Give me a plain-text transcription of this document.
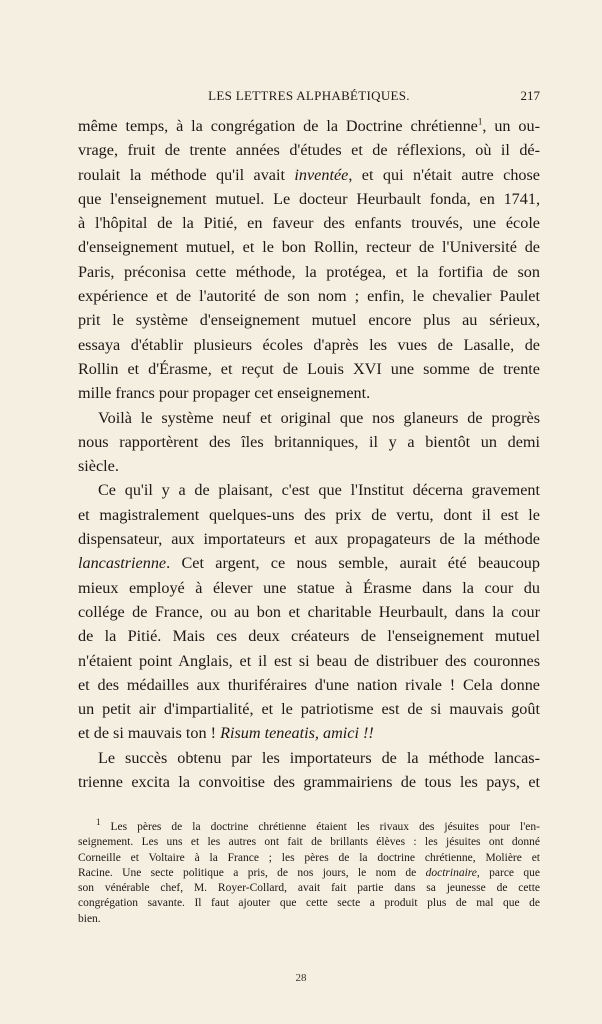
LES LETTRES ALPHABÉTIQUES.	217
même temps, à la congrégation de la Doctrine chrétienne$^1$, un ou-
vrage, fruit de trente années d'études et de réflexions, où il dé-
roulait la méthode qu'il avait inventée, et qui n'était autre chose
que l'enseignement mutuel. Le docteur Heurbault fonda, en 1741,
à l'hôpital de la Pitié, en faveur des enfants trouvés, une école
d'enseignement mutuel, et le bon Rollin, recteur de l'Université de
Paris, préconisa cette méthode, la protégea, et la fortifia de son
expérience et de l'autorité de son nom ; enfin, le chevalier Paulet
prit le système d'enseignement mutuel encore plus au sérieux,
essaya d'établir plusieurs écoles d'après les vues de Lasalle, de
Rollin et d'Érasme, et reçut de Louis XVI une somme de trente
mille francs pour propager cet enseignement.
Voilà le système neuf et original que nos glaneurs de progrès
nous rapportèrent des îles britanniques, il y a bientôt un demi
siècle.
Ce qu'il y a de plaisant, c'est que l'Institut décerna gravement
et magistralement quelques-uns des prix de vertu, dont il est le
dispensateur, aux importateurs et aux propagateurs de la méthode
lancastrienne. Cet argent, ce nous semble, aurait été beaucoup
mieux employé à élever une statue à Érasme dans la cour du
collége de France, ou au bon et charitable Heurbault, dans la cour
de la Pitié. Mais ces deux créateurs de l'enseignement mutuel
n'étaient point Anglais, et il est si beau de distribuer des couronnes
et des médailles aux thuriféraires d'une nation rivale ! Cela donne
un petit air d'impartialité, et le patriotisme est de si mauvais goût
et de si mauvais ton ! Risum teneatis, amici !!
Le succès obtenu par les importateurs de la méthode lancas-
trienne excita la convoitise des grammairiens de tous les pays, et
$^1$ Les pères de la doctrine chrétienne étaient les rivaux des jésuites pour l'en-
seignement. Les uns et les autres ont fait de brillants élèves : les jésuites ont donné
Corneille et Voltaire à la France ; les pères de la doctrine chrétienne, Molière et
Racine. Une secte politique a pris, de nos jours, le nom de doctrinaire, parce que
son vénérable chef, M. Royer-Collard, avait fait partie dans sa jeunesse de cette
congrégation savante. Il faut ajouter que cette secte a produit plus de mal que de
bien.
28
